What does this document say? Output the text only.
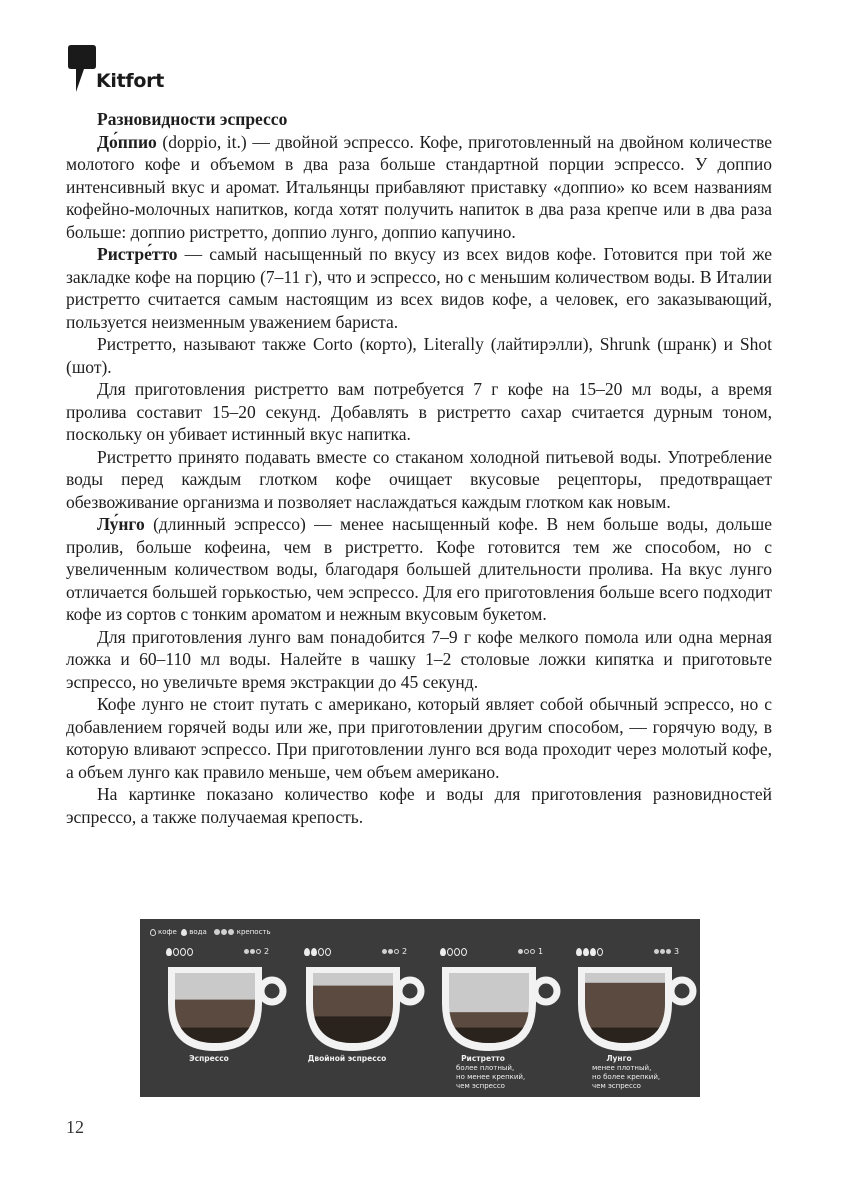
Kitfort
Разновидности эспрессо

До́ппио (doppio, it.) — двойной эспрессо. Кофе, приготовленный на двойном количестве молотого кофе и объемом в два раза больше стандартной порции эспрессо. У доппио интенсивный вкус и аромат. Итальянцы прибавляют приставку «доппио» ко всем названиям кофейно-молочных напитков, когда хотят получить напиток в два раза крепче или в два раза больше: доппио ристретто, доппио лунго, доппио капучино.

Ристре́тто — самый насыщенный по вкусу из всех видов кофе. Готовится при той же закладке кофе на порцию (7–11 г), что и эспрессо, но с меньшим количеством воды. В Италии ристретто считается самым настоящим из всех видов кофе, а человек, его заказывающий, пользуется неизменным уважением бариста.

Ристретто, называют также Corto (корто), Literally (лайтирэлли), Shrunk (шранк) и Shot (шот).

Для приготовления ристретто вам потребуется 7 г кофе на 15–20 мл воды, а время пролива составит 15–20 секунд. Добавлять в ристретто сахар считается дурным тоном, поскольку он убивает истинный вкус напитка.

Ристретто принято подавать вместе со стаканом холодной питьевой воды. Употребление воды перед каждым глотком кофе очищает вкусовые рецепторы, предотвращает обезвоживание организма и позволяет наслаждаться каждым глотком как новым.

Лу́нго (длинный эспрессо) — менее насыщенный кофе. В нем больше воды, дольше пролив, больше кофеина, чем в ристретто. Кофе готовится тем же способом, но с увеличенным количеством воды, благодаря большей длительности пролива. На вкус лунго отличается большей горькостью, чем эспрессо. Для его приготовления больше всего подходит кофе из сортов с тонким ароматом и нежным вкусовым букетом.

Для приготовления лунго вам понадобится 7–9 г кофе мелкого помола или одна мерная ложка и 60–110 мл воды. Налейте в чашку 1–2 столовые ложки кипятка и приготовьте эспрессо, но увеличьте время экстракции до 45 секунд.

Кофе лунго не стоит путать с американо, который являет собой обычный эспрессо, но с добавлением горячей воды или же, при приготовлении другим способом, — горячую воду, в которую вливают эспрессо. При приготовлении лунго вся вода проходит через молотый кофе, а объем лунго как правило меньше, чем объем американо.

На картинке показано количество кофе и воды для приготовления разновидностей эспрессо, а также получаемая крепость.

кофе вода	крепость
2
Эспрессо
2
Двойной эспрессо
1
Ристретто
более плотный,
но менее крепкий,
чем эспрессо
3
Лунго
менее плотный,
но более крепкий,
чем эспрессо
12
